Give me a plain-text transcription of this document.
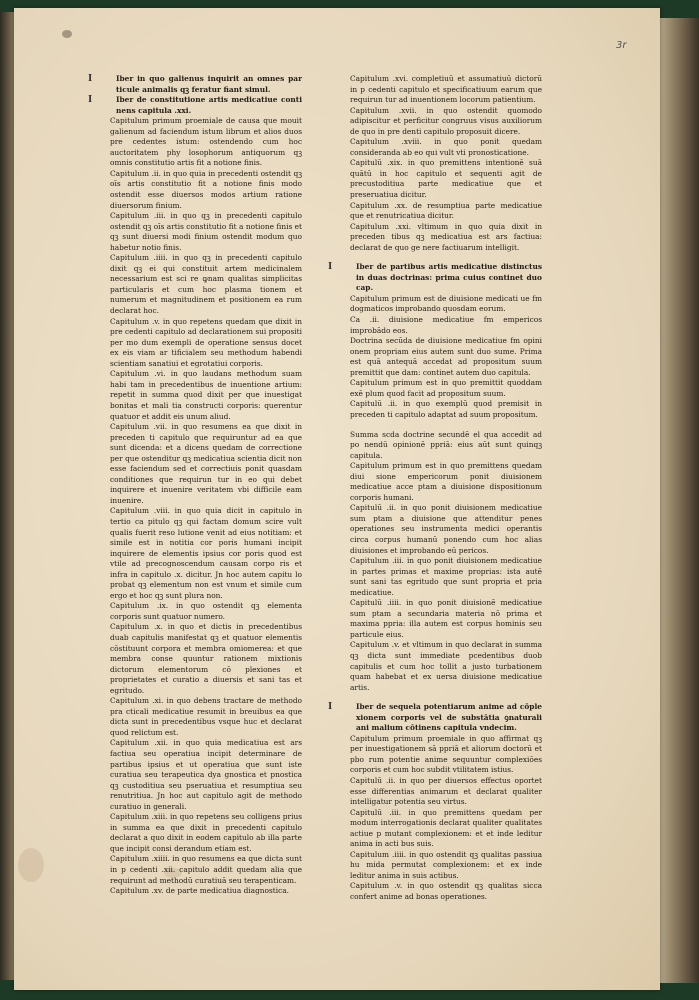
3r
I	Iber in quo galienus inquirit an omnes par ticule animalis qꝫ feratur fiant simul.

I	Iber de constitutione artis medicatiue conti nens capitula .xxi.

Capitulum primum proemiale de causa que mouit galienum ad faciendum istum librum et alios duos pre cedentes istum: ostendendo cum hoc auctoritatem phy losophorum antiquorum qꝫ omnis constitutio artis fit a notione finis.

Capitulum .ii. in quo quia in precedenti ostendit qꝫ oīs artis constitutio fit a notione finis modo ostendit esse diuersos modos artium ratione diuersorum finium.

Capitulum .iii. in quo qꝫ in precedenti capitulo ostendit qꝫ oīs artis constitutio fit a notione finis et qꝫ sunt diuersi modi finium ostendit modum quo habetur notio finis.

Capitulum .iiii. in quo qꝫ in precedenti capitulo dixit qꝫ ei qui constituit artem medicinalem necessarium est sci re ꝙnam qualitas simplicitas particularis et cum hoc plasma tionem et numerum et magnitudinem et positionem ea rum declarat hoc.

Capitulum .v. in quo repetens quedam que dixit in pre cedenti capitulo ad declarationem sui propositi per mo dum exempli de operatione sensus docet ex eis viam ar tificialem seu methodum habendi scientiam sanatiui et egrotatiui corporis.

Capitulum .vi. in quo laudans methodum suam habi tam in precedentibus de inuentione artium: repetit in summa quod dixit per que inuestigat bonitas et mali tia constructi corporis: querentur quatuor et addit eis unum aliud.

Capitulum .vii. in quo resumens ea que dixit in preceden ti capitulo que requiruntur ad ea que sunt dicenda: et a dicens quedam de correctione per que ostenditur qꝫ medicatiua scientia dicit non esse faciendum sed et correctiuis ponit quasdam conditiones que requirun tur in eo qui debet inquirere et inuenire veritatem vbi difficile eam inuenire.

Capitulum .viii. in quo quia dicit in capitulo in tertio ca pitulo qꝫ qui factam domum scire vult qualis fuerit reso lutione venit ad eius notitiam: et simile est in notitia cor poris humani incipit inquirere de elementis ipsius cor poris quod est vtile ad precognoscendum causam corpo ris et infra in capitulo .x. dicitur. Jn hoc autem capitu lo probat qꝫ elementum non est vnum et simile cum ergo et hoc qꝫ sunt plura non.

Capitulum .ix. in quo ostendit qꝫ elementa corporis sunt quatuor numero.

Capitulum .x. in quo et dictis in precedentibus duab capitulis manifestat qꝫ et quatuor elementis cōstituunt corpora et membra omiomerea: et que membra conse quuntur rationem mixtionis dictorum elementorum cō plexiones et proprietates et curatio a diuersis et sani tas et egritudo.

Capitulum .xi. in quo debens tractare de methodo pra cticali medicatiue resumit in breuibus ea que dicta sunt in precedentibus vsque huc et declarat quod relictum est.

Capitulum .xii. in quo quia medicatiua est ars factiua seu operatiua incipit determinare de partibus ipsius et ut operatiua que sunt iste curatiua seu terapeutica dya gnostica et pnostica qꝫ custoditiua seu pseruatiua et resumptiua seu renutritiua. Jn hoc aut capitulo agit de methodo curatiuo in generali.

Capitulum .xiii. in quo repetens seu colligens prius in summa ea que dixit in precedenti capitulo declarat a quo dixit in eodem capitulo ab illa parte que incipit consi derandum etiam est.

Capitulum .xiiii. in quo resumens ea que dicta sunt in p cedenti .xii. capitulo addit quedam alia que requirunt ad methodū curatiuā seu terapenticam.

Capitulum .xv. de parte medicatiua diagnostica.

Capitulum .xvi. completiuū et assumatiuū dictorū in p cedenti capitulo et specificatiuum earum que requirun tur ad inuentionem locorum patientium.

Capitulum .xvii. in quo ostendit quomodo adipiscitur et perficitur congruus visus auxiliorum de quo in pre denti capitulo proposuit dicere.

Capitulum .xviii. in quo ponit quedam consideranda ab eo qui vult vti pronosticatione.

Capitulū .xix. in quo premittens intentionē suā quātū in hoc capitulo et sequenti agit de precustoditiua parte medicatiue que et preseruatiua dicitur.

Capitulum .xx. de resumptiua parte medicatiue que et renutricatiua dicitur.

Capitulum .xxi. vltimum in quo quia dixit in preceden tibus qꝫ medicatiua est ars factiua: declarat de quo ge nere factiuarum intelligit.

I	Iber de partibus artis medicatiue distinctus in duas doctrinas: prima cuius continet duo cap.

Capitulum primum est de diuisione medicati ue fm dogmaticos improbando quosdam eorum.

Ca .ii. diuisione medicatiue fm empericos improbādo eos.

Doctrina secūda de diuisione medicatiue fm opini onem propriam eius autem sunt duo sume. Prima est quā antequā accedat ad propositum suum premittit que dam: continet autem duo capitula.

Capitulum primum est in quo premittit quoddam exē plum quod facit ad propositum suum.

Capitulū .ii. in quo exemplū quod premisit in preceden ti capitulo adaptat ad suum propositum.

Summa scda doctrine secundē el qua accedit ad po nendū opinionē ppriā: eius aūt sunt quinqꝫ capitula.

Capitulum primum est in quo premittens quedam diui sione empericorum ponit diuisionem medicatiue acce ptam a diuisione dispositionum corporis humani.

Capitulū .ii. in quo ponit diuisionem medicatiue sum ptam a diuisione que attenditur penes operationes seu instrumenta medici operantis circa corpus humanū ponendo cum hoc alias diuisiones et improbando eū pericos.

Capitulum .iii. in quo ponit diuisionem medicatiue in partes primas et maxime proprias: ista autē sunt sani tas egritudo que sunt propria et pria medicatiue.

Capitulū .iiii. in quo ponit diuisionē medicatiue sum ptam a secundaria materia nō prima et maxima ppria: illa autem est corpus hominis seu particule eius.

Capitulum .v. et vltimum in quo declarat in summa qꝫ dicta sunt immediate pcedentibus duob capitulis et cum hoc tollit a justo turbationem quam habebat et ex uersa diuisione medicatiue artis.

I	Iber de sequela potentiarum anime ad cōple xionem corporis vel de substātia ꝯnaturali ani malium cōtinens capitula vndecim.

Capitulum primum proemiale in quo affirmat qꝫ per inuestigationem sā ppriā et aliorum doctorū et pbo rum potentie anime sequuntur complexiōes corporis et cum hoc subdit vtilitatem istius.

Capitulū .ii. in quo per diuersos effectus oportet esse differentias animarum et declarat qualiter intelligatur potentia seu virtus.

Capitulū .iii. in quo premittens quedam per modum interrogationis declarat qualiter qualitates actiue p mutant complexionem: et et inde leditur anima in acti bus suis.

Capitulum .iiii. in quo ostendit qꝫ qualitas passiua hu mida permutat complexionem: et ex inde leditur anima in suis actibus.

Capitulum .v. in quo ostendit qꝫ qualitas sicca confert anime ad bonas operationes.
